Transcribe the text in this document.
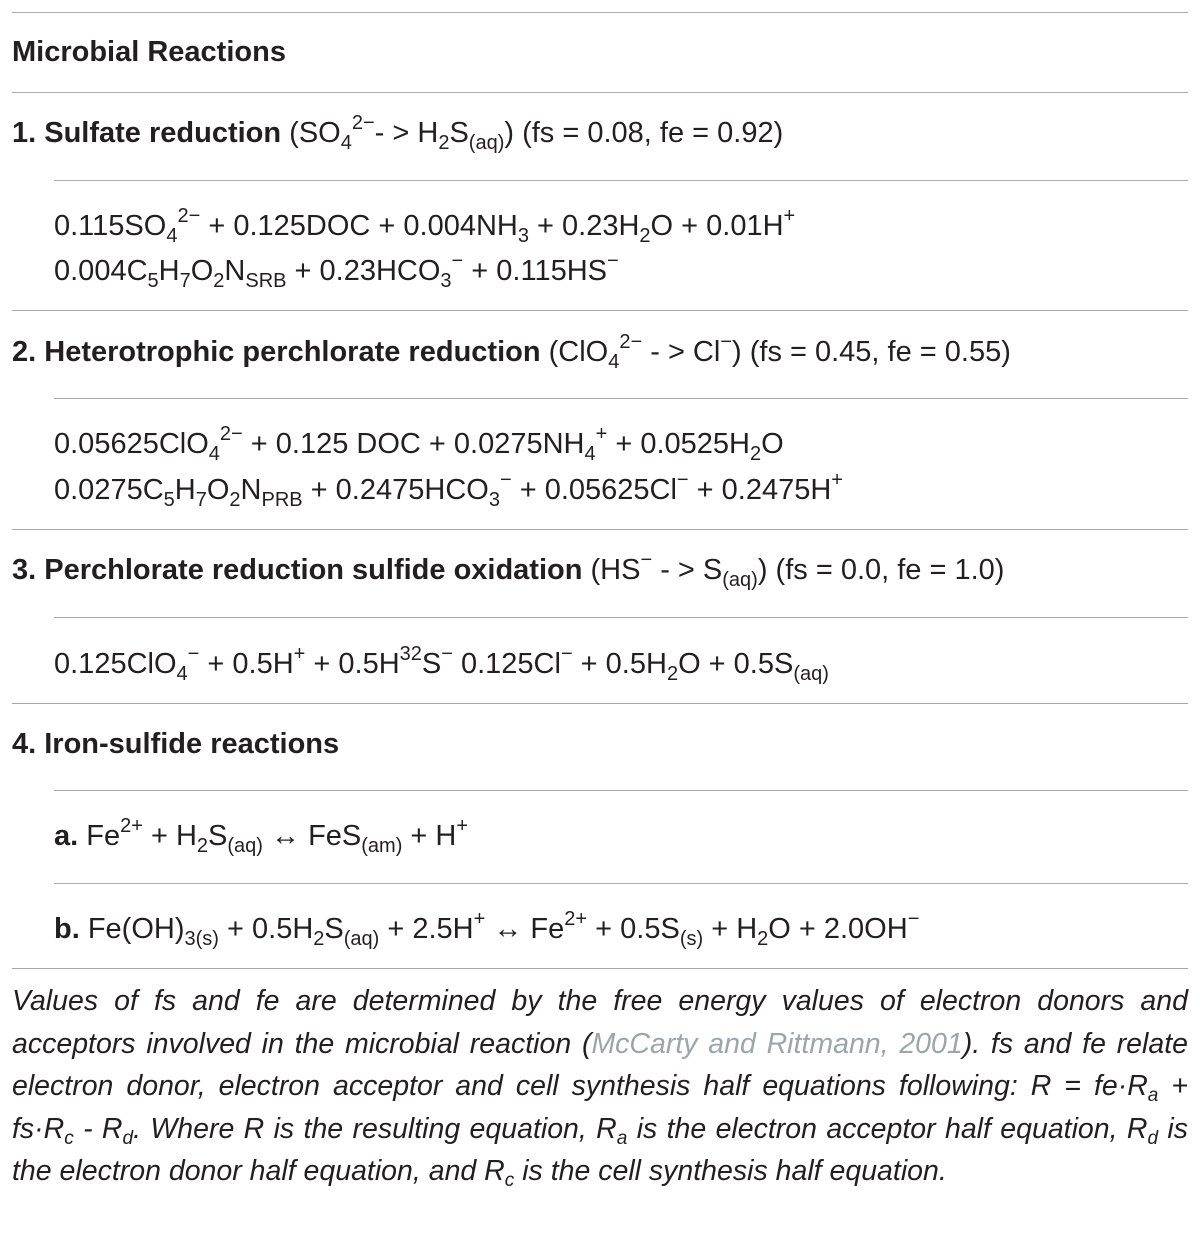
Microbial Reactions
1. Sulfate reduction $(SO_4^{2-}- > H_2S_{(aq)}) (fs = 0.08$, fe = 0.92)
$0.115SO_4^{2-} + 0.125DOC + 0.004NH_3 + 0.23H_2O + 0.01H^+$
$0.004C_5H_7O_2N_{SRB} + 0.23HCO_3^- + 0.115HS^-$
2. Heterotrophic perchlorate reduction (ClO$_4^{2-}$ - > Cl−) (fs = 0.45, fe = 0.55)
0.05625ClO$_4^{2-}$ + 0.125 DOC + $0.0275NH_4^+ + 0.0525H_2O$
$0.0275C_5H_7O_2N_{PRB} + 0.2475HCO_3^- + 0.05625Cl^- + 0.2475H^+$
3. Perchlorate reduction sulfide oxidation (HS− - > $S_{(aq)}$) (fs = 0.0, fe = 1.0)
$0.125ClO_4^- + 0.5H^+ + 0.5H^{32}S^-$ $0.125Cl^- + 0.5H_2O + 0.5S_{(aq)}$
4. Iron-sulfide reactions
a. $Fe^{2+} + H_2S_{(aq)}$ ↔ FeS$_{(am)}$ + H+
b. $Fe(OH)_{3(s)} + 0.5H_2S_{(aq)} + 2.5H^+$ ↔ $Fe^{2+} + 0.5S_{(s)} + H_2O + 2.0OH^-$
Values of fs and fe are determined by the free energy values of electron donors and acceptors involved in the microbial reaction (McCarty and Rittmann, 2001). fs and fe relate electron donor, electron acceptor and cell synthesis half equations following: $R = fe\cdot R_a + fs\cdot R_c - R_d$. Where R is the resulting equation, $R_a$ is the electron acceptor half equation, $R_d$ is the electron donor half equation, and $R_c$ is the cell synthesis half equation.
